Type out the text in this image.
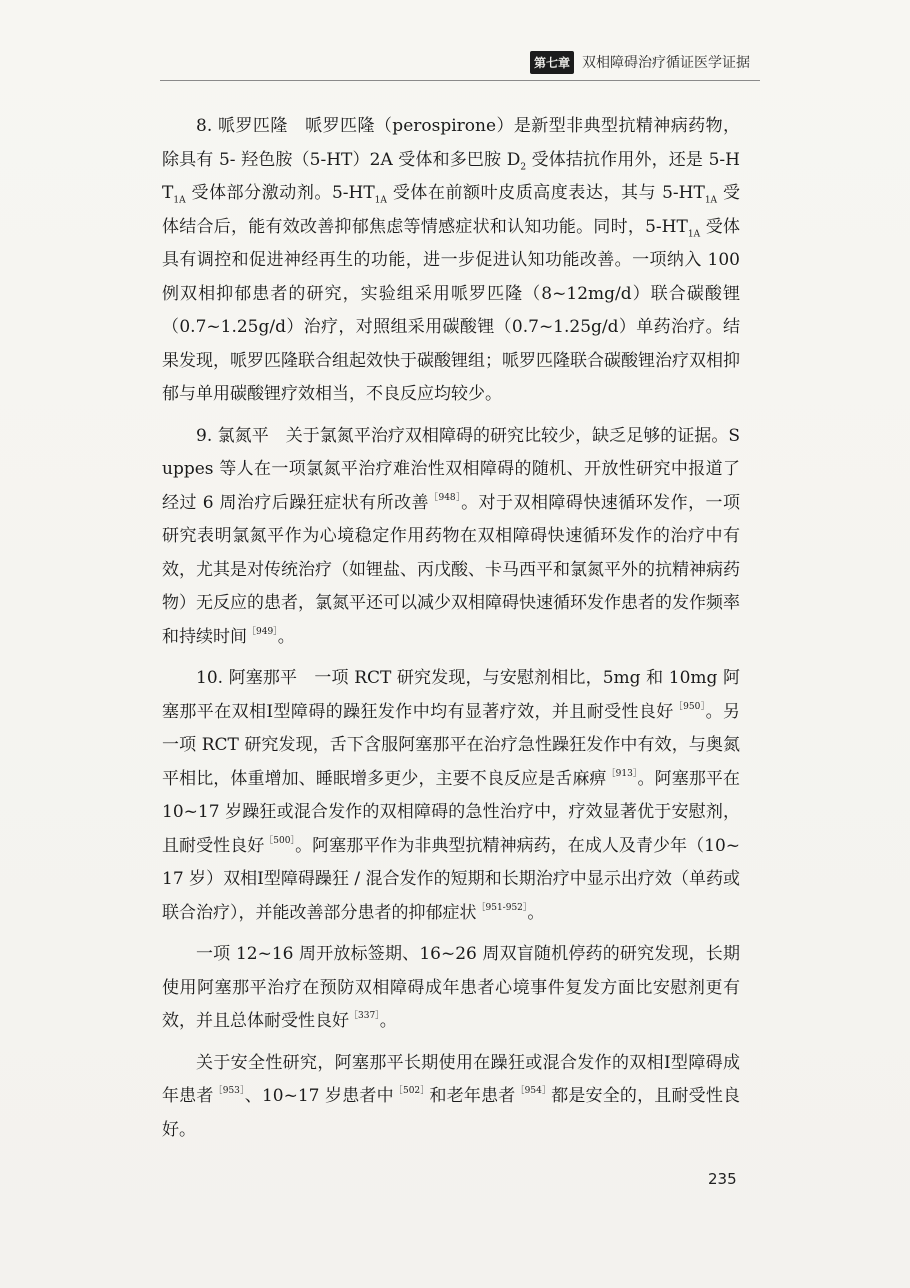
第七章 双相障碍治疗循证医学证据

8. 哌罗匹隆　哌罗匹隆（perospirone）是新型非典型抗精神病药物，除具有 5- 羟色胺（5-HT）2A 受体和多巴胺 $D_2$ 受体拮抗作用外，还是 $5-HT_{1A}$ 受体部分激动剂。$5-HT_{1A}$ 受体在前额叶皮质高度表达，其与 $5-HT_{1A}$ 受体结合后，能有效改善抑郁焦虑等情感症状和认知功能。同时，$5-HT_{1A}$ 受体具有调控和促进神经再生的功能，进一步促进认知功能改善。一项纳入 100 例双相抑郁患者的研究，实验组采用哌罗匹隆（8~12mg/d）联合碳酸锂（0.7~1.25g/d）治疗，对照组采用碳酸锂（0.7~1.25g/d）单药治疗。结果发现，哌罗匹隆联合组起效快于碳酸锂组；哌罗匹隆联合碳酸锂治疗双相抑郁与单用碳酸锂疗效相当，不良反应均较少。

9. 氯氮平　关于氯氮平治疗双相障碍的研究比较少，缺乏足够的证据。Suppes 等人在一项氯氮平治疗难治性双相障碍的随机、开放性研究中报道了经过 6 周治疗后躁狂症状有所改善$^{[948]}$。对于双相障碍快速循环发作，一项研究表明氯氮平作为心境稳定作用药物在双相障碍快速循环发作的治疗中有效，尤其是对传统治疗（如锂盐、丙戊酸、卡马西平和氯氮平外的抗精神病药物）无反应的患者，氯氮平还可以减少双相障碍快速循环发作患者的发作频率和持续时间$^{[949]}$。

10. 阿塞那平　一项 RCT 研究发现，与安慰剂相比，5mg 和 10mg 阿塞那平在双相Ⅰ型障碍的躁狂发作中均有显著疗效，并且耐受性良好$^{[950]}$。另一项 RCT 研究发现，舌下含服阿塞那平在治疗急性躁狂发作中有效，与奥氮平相比，体重增加、睡眠增多更少，主要不良反应是舌麻痹$^{[913]}$。阿塞那平在 10~17 岁躁狂或混合发作的双相障碍的急性治疗中，疗效显著优于安慰剂，且耐受性良好$^{[500]}$。阿塞那平作为非典型抗精神病药，在成人及青少年（10~17 岁）双相Ⅰ型障碍躁狂 / 混合发作的短期和长期治疗中显示出疗效（单药或联合治疗），并能改善部分患者的抑郁症状$^{[951-952]}$。

一项 12~16 周开放标签期、16~26 周双盲随机停药的研究发现，长期使用阿塞那平治疗在预防双相障碍成年患者心境事件复发方面比安慰剂更有效，并且总体耐受性良好$^{[337]}$。

关于安全性研究，阿塞那平长期使用在躁狂或混合发作的双相Ⅰ型障碍成年患者$^{[953]}$、10~17 岁患者中$^{[502]}$和老年患者$^{[954]}$都是安全的，且耐受性良好。

235
